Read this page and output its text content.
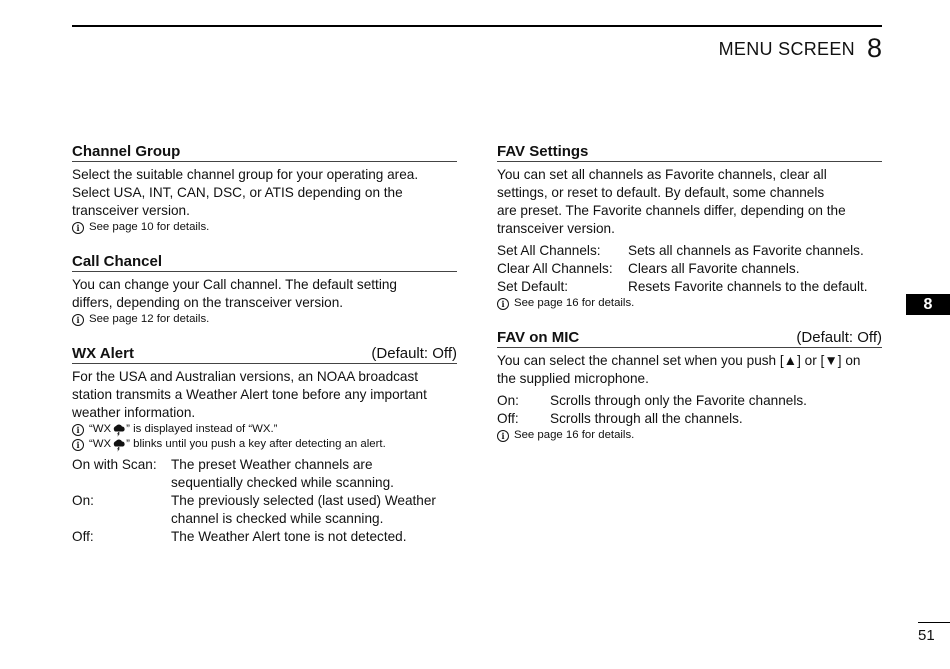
MENU SCREEN 8
Channel Group
Select the suitable channel group for your operating area.
Select USA, INT, CAN, DSC, or ATIS depending on the
transceiver version.
i See page 10 for details.
Call Chancel
You can change your Call channel. The default setting
differs, depending on the transceiver version.
i See page 12 for details.
WX Alert	(Default: Off)
For the USA and Australian versions, an NOAA broadcast
station transmits a Weather Alert tone before any important
weather information.
i “WX ” is displayed instead of “WX.”
i “WX ” blinks until you push a key after detecting an alert.
On with Scan:	The preset Weather channels are
sequentially checked while scanning.
On:	The previously selected (last used) Weather
channel is checked while scanning.
Off:	The Weather Alert tone is not detected.
FAV Settings
You can set all channels as Favorite channels, clear all
settings, or reset to default. By default, some channels
are preset. The Favorite channels differ, depending on the
transceiver version.
Set All Channels:	Sets all channels as Favorite channels.
Clear All Channels:	Clears all Favorite channels.
Set Default:	Resets Favorite channels to the default.
i See page 16 for details.
FAV on MIC	(Default: Off)
You can select the channel set when you push [▲] or [▼] on
the supplied microphone.
On:	Scrolls through only the Favorite channels.
Off:	Scrolls through all the channels.
i See page 16 for details.
8
51
